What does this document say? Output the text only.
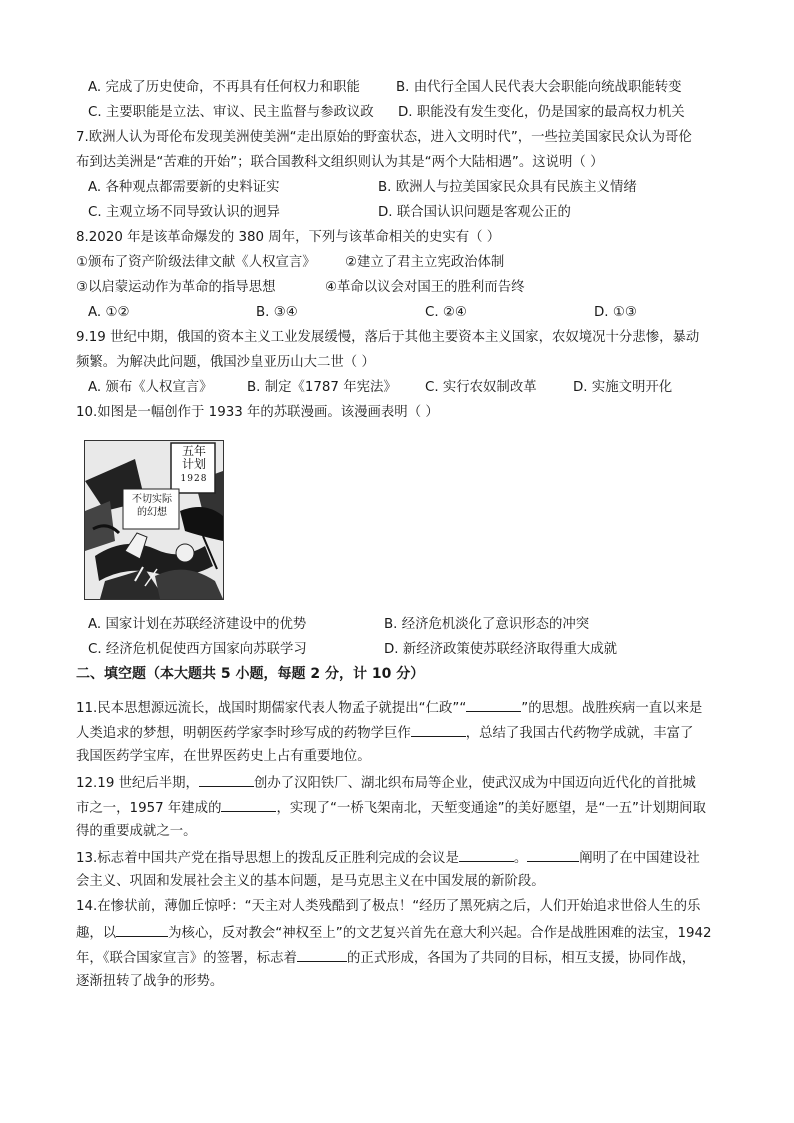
A. 完成了历史使命，不再具有任何权力和职能	B. 由代行全国人民代表大会职能向统战职能转变
C. 主要职能是立法、审议、民主监督与参政议政 D. 职能没有发生变化，仍是国家的最高权力机关
7.欧洲人认为哥伦布发现美洲使美洲“走出原始的野蛮状态，进入文明时代”，一些拉美国家民众认为哥伦
布到达美洲是“苦难的开始”；联合国教科文组织则认为其是“两个大陆相遇”。这说明（ ）
A. 各种观点都需要新的史料证实	B. 欧洲人与拉美国家民众具有民族主义情绪
C. 主观立场不同导致认识的迥异	D. 联合国认识问题是客观公正的
8.2020 年是该革命爆发的 380 周年，下列与该革命相关的史实有（ ）
①颁布了资产阶级法律文献《人权宣言》 ②建立了君主立宪政治体制
③以启蒙运动作为革命的指导思想	④革命以议会对国王的胜利而告终
A. ①②	B. ③④	C. ②④	D. ①③
9.19 世纪中期，俄国的资本主义工业发展缓慢，落后于其他主要资本主义国家，农奴境况十分悲惨，暴动
频繁。为解决此问题，俄国沙皇亚历山大二世（ ）
A. 颁布《人权宣言》	B. 制定《1787 年宪法》 C. 实行农奴制改革	D. 实施文明开化
10.如图是一幅创作于 1933 年的苏联漫画。该漫画表明（ ）
五年
计划
1928
不切实际
的幻想
A. 国家计划在苏联经济建设中的优势	B. 经济危机淡化了意识形态的冲突
C. 经济危机促使西方国家向苏联学习	D. 新经济政策使苏联经济取得重大成就
二、填空题（本大题共 5 小题，每题 2 分，计 10 分）
11.民本思想源远流长，战国时期儒家代表人物孟子就提出“仁政”“	”的思想。战胜疾病一直以来是
人类追求的梦想，明朝医药学家李时珍写成的药物学巨作	，总结了我国古代药物学成就，丰富了
我国医药学宝库，在世界医药史上占有重要地位。
12.19 世纪后半期，	创办了汉阳铁厂、湖北织布局等企业，使武汉成为中国迈向近代化的首批城
市之一，1957 年建成的	，实现了“一桥飞架南北，天堑变通途”的美好愿望，是“一五”计划期间取
得的重要成就之一。
13.标志着中国共产党在指导思想上的拨乱反正胜利完成的会议是	。	阐明了在中国建设社
会主义、巩固和发展社会主义的基本问题，是马克思主义在中国发展的新阶段。
14.在惨状前，薄伽丘惊呼：“天主对人类残酷到了极点！“经历了黑死病之后，人们开始追求世俗人生的乐
趣，以	为核心，反对教会“神权至上”的文艺复兴首先在意大利兴起。合作是战胜困难的法宝，1942
年，《联合国家宣言》的签署，标志着	的正式形成，各国为了共同的目标，相互支援，协同作战，
逐渐扭转了战争的形势。
